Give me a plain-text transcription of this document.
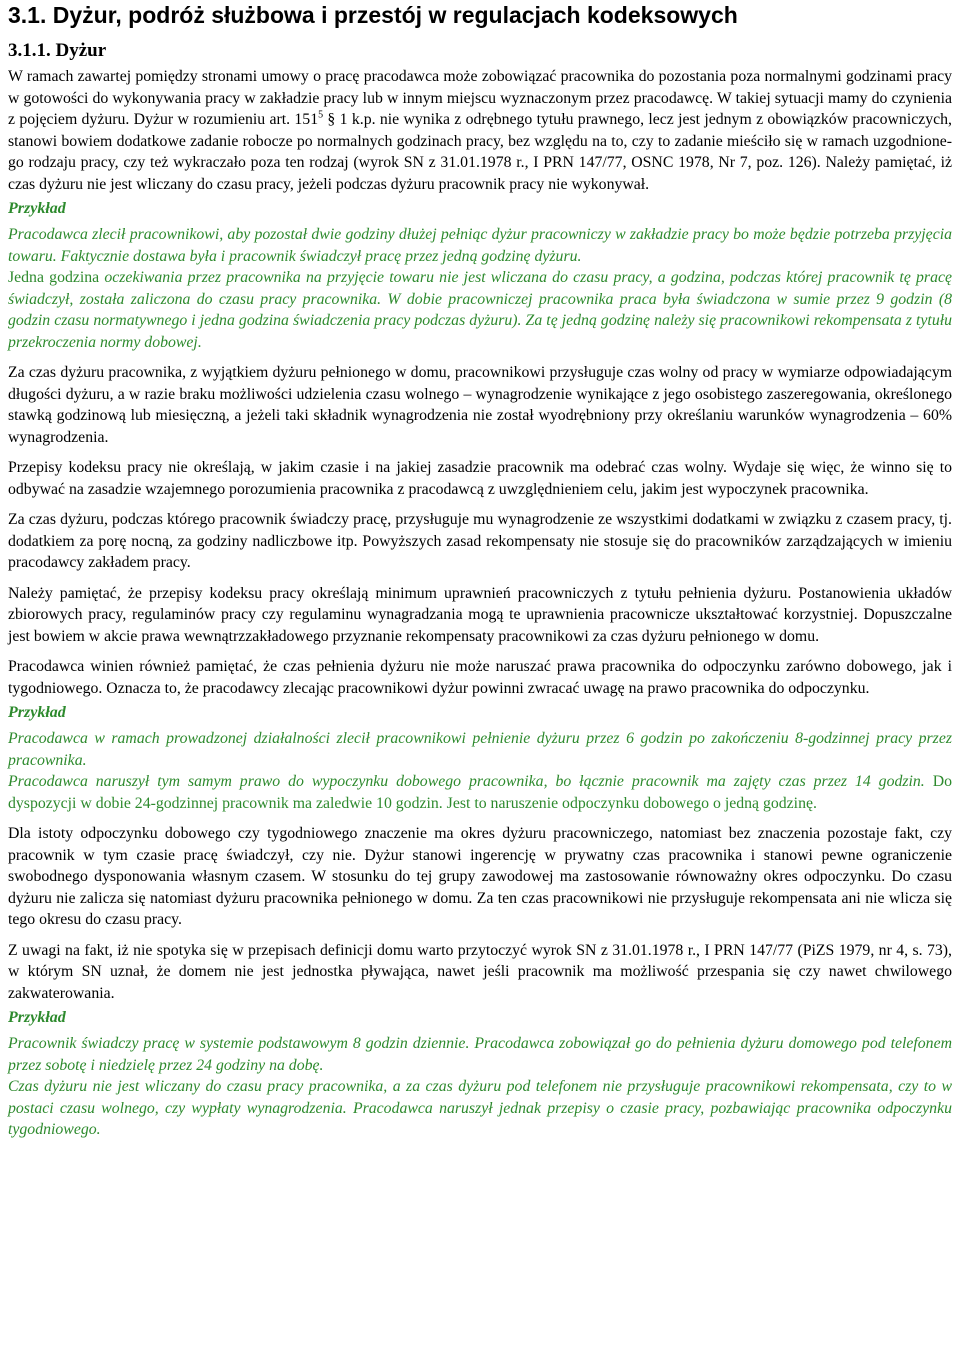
3.1. Dyżur, podróż służbowa i przestój w regulacjach kodeksowych
3.1.1. Dyżur

W ramach zawartej pomiędzy stronami umowy o pracę pracodawca może zobowiązać pracownika do pozostania poza normalnymi godzinami pracy w gotowości do wykonywania pracy w zakładzie pracy lub w innym miejscu wyznaczonym przez pracodawcę. W takiej sytuacji mamy do czynienia z pojęciem dyżuru. Dyżur w rozumieniu art. $151^5$ § 1 k.p. nie wynika z odrębnego tytułu prawnego, lecz jest jednym z obowiązków pracowniczych, stanowi bowiem dodatkowe zadanie robocze po normalnych godzinach pracy, bez względu na to, czy to zadanie mieściło się w ramach uzgodnionego rodzaju pracy, czy też wykraczało poza ten rodzaj (wyrok SN z 31.01.1978 r., I PRN 147/77, OSNC 1978, Nr 7, poz. 126). Należy pamiętać, iż czas dyżuru nie jest wliczany do czasu pracy, jeżeli podczas dyżuru pracownik pracy nie wykonywał.

Przykład

Pracodawca zlecił pracownikowi, aby pozostał dwie godziny dłużej pełniąc dyżur pracowniczy w zakładzie pracy bo może będzie potrzeba przyjęcia towaru. Faktycznie dostawa była i pracownik świadczył pracę przez jedną godzinę dyżuru.

Jedna godzina oczekiwania przez pracownika na przyjęcie towaru nie jest wliczana do czasu pracy, a godzina, podczas której pracownik tę pracę świadczył, została zaliczona do czasu pracy pracownika. W dobie pracowniczej pracownika praca była świadczona w sumie przez 9 godzin (8 godzin czasu normatywnego i jedna godzina świadczenia pracy podczas dyżuru). Za tę jedną godzinę należy się pracownikowi rekompensata z tytułu przekroczenia normy dobowej.

Za czas dyżuru pracownika, z wyjątkiem dyżuru pełnionego w domu, pracownikowi przysługuje czas wolny od pracy w wymiarze odpowiadającym długości dyżuru, a w razie braku możliwości udzielenia czasu wolnego – wynagrodzenie wynikające z jego osobistego zaszeregowania, określonego stawką godzinową lub miesięczną, a jeżeli taki składnik wynagrodzenia nie został wyodrębniony przy określaniu warunków wynagrodzenia – 60% wynagrodzenia.

Przepisy kodeksu pracy nie określają, w jakim czasie i na jakiej zasadzie pracownik ma odebrać czas wolny. Wydaje się więc, że winno się to odbywać na zasadzie wzajemnego porozumienia pracownika z pracodawcą z uwzględnieniem celu, jakim jest wypoczynek pracownika.

Za czas dyżuru, podczas którego pracownik świadczy pracę, przysługuje mu wynagrodzenie ze wszystkimi dodatkami w związku z czasem pracy, tj. dodatkiem za porę nocną, za godziny nadliczbowe itp. Powyższych zasad rekompensaty nie stosuje się do pracowników zarządzających w imieniu pracodawcy zakładem pracy.

Należy pamiętać, że przepisy kodeksu pracy określają minimum uprawnień pracowniczych z tytułu pełnienia dyżuru. Postanowienia układów zbiorowych pracy, regulaminów pracy czy regulaminu wynagradzania mogą te uprawnienia pracownicze ukształtować korzystniej. Dopuszczalne jest bowiem w akcie prawa wewnątrzzakładowego przyznanie rekompensaty pracownikowi za czas dyżuru pełnionego w domu.

Pracodawca winien również pamiętać, że czas pełnienia dyżuru nie może naruszać prawa pracownika do odpoczynku zarówno dobowego, jak i tygodniowego. Oznacza to, że pracodawcy zlecając pracownikowi dyżur powinni zwracać uwagę na prawo pracownika do odpoczynku.

Przykład

Pracodawca w ramach prowadzonej działalności zlecił pracownikowi pełnienie dyżuru przez 6 godzin po zakończeniu 8-godzinnej pracy przez pracownika.

Pracodawca naruszył tym samym prawo do wypoczynku dobowego pracownika, bo łącznie pracownik ma zajęty czas przez 14 godzin. Do dyspozycji w dobie 24-godzinnej pracownik ma zaledwie 10 godzin. Jest to naruszenie odpoczynku dobowego o jedną godzinę.

Dla istoty odpoczynku dobowego czy tygodniowego znaczenie ma okres dyżuru pracowniczego, natomiast bez znaczenia pozostaje fakt, czy pracownik w tym czasie pracę świadczył, czy nie. Dyżur stanowi ingerencję w prywatny czas pracownika i stanowi pewne ograniczenie swobodnego dysponowania własnym czasem. W stosunku do tej grupy zawodowej ma zastosowanie równoważny okres odpoczynku. Do czasu dyżuru nie zalicza się natomiast dyżuru pracownika pełnionego w domu. Za ten czas pracownikowi nie przysługuje rekompensata ani nie wlicza się tego okresu do czasu pracy.

Z uwagi na fakt, iż nie spotyka się w przepisach definicji domu warto przytoczyć wyrok SN z 31.01.1978 r., I PRN 147/77 (PiZS 1979, nr 4, s. 73), w którym SN uznał, że domem nie jest jednostka pływająca, nawet jeśli pracownik ma możliwość przespania się czy nawet chwilowego zakwaterowania.

Przykład

Pracownik świadczy pracę w systemie podstawowym 8 godzin dziennie. Pracodawca zobowiązał go do pełnienia dyżuru domowego pod telefonem przez sobotę i niedzielę przez 24 godziny na dobę.

Czas dyżuru nie jest wliczany do czasu pracy pracownika, a za czas dyżuru pod telefonem nie przysługuje pracownikowi rekompensata, czy to w postaci czasu wolnego, czy wypłaty wynagrodzenia. Pracodawca naruszył jednak przepisy o czasie pracy, pozbawiając pracownika odpoczynku tygodniowego.
